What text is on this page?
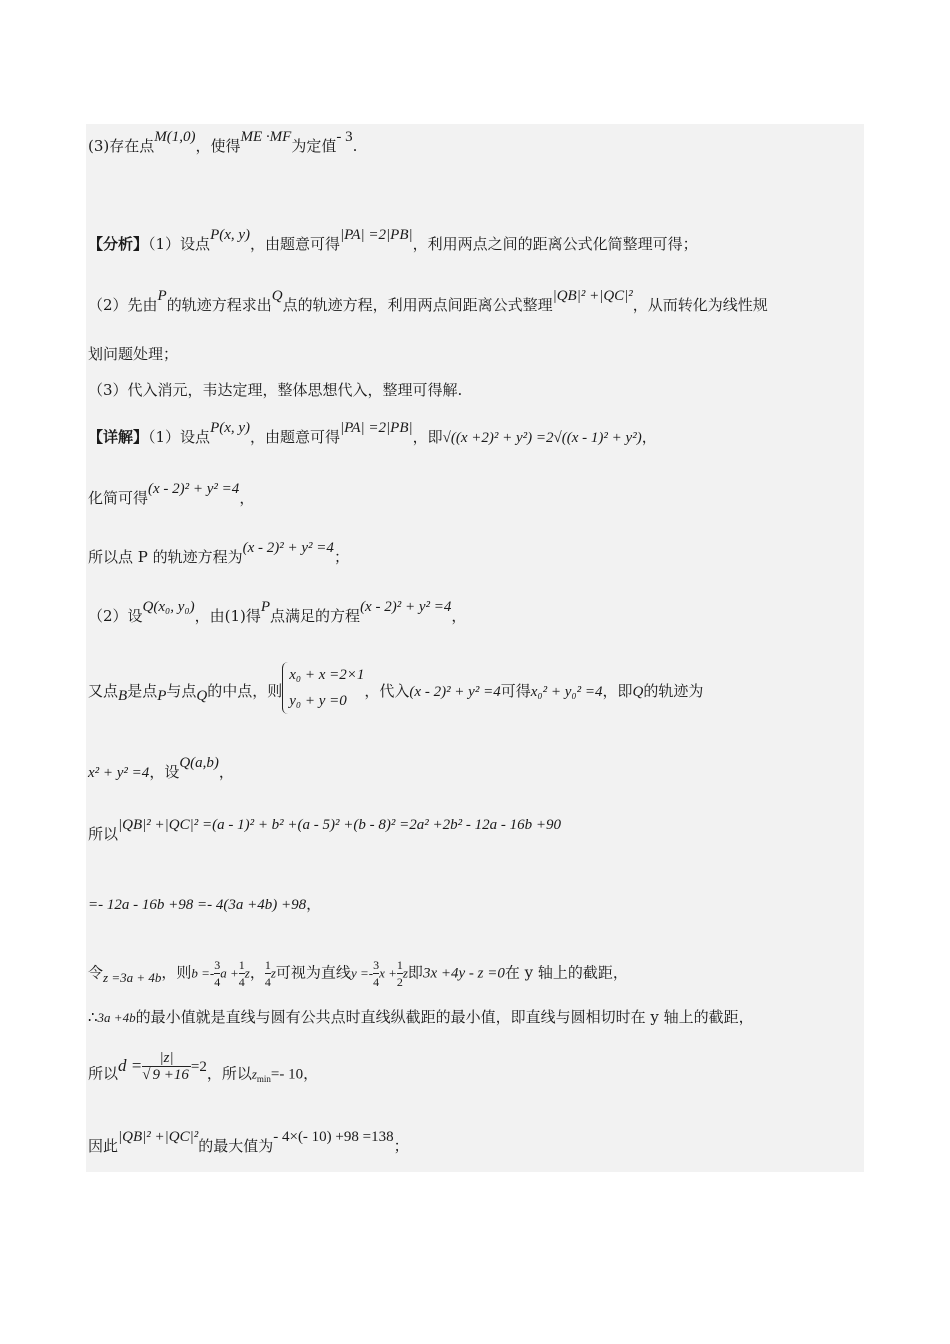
(3)存在点M(1,0)，使得ME ·MF为定值- 3.
【分析】（1）设点P(x, y)，由题意可得|PA| =2|PB|，利用两点之间的距离公式化简整理可得；
（2）先由P的轨迹方程求出Q点的轨迹方程，利用两点间距离公式整理|QB|² +|QC|²，从而转化为线性规
划问题处理；
（3）代入消元，韦达定理，整体思想代入，整理可得解.
【详解】（1）设点P(x, y)，由题意可得|PA| =2|PB|，即√((x +2)² + y²) =2√((x - 1)² + y²)，
化简可得(x - 2)² + y² =4，
所以点 P 的轨迹方程为(x - 2)² + y² =4；
（2）设Q(x₀, y₀)，由(1)得P点满足的方程(x - 2)² + y² =4，
又点B是点P与点Q的中点，则
x₀ + x =2×1
y₀ + y =0
，代入(x - 2)² + y² =4可得x₀² + y₀² =4，即Q的轨迹为
x² + y² =4，设Q(a,b)，
所以|QB|² +|QC|² =(a - 1)² + b² +(a - 5)² +(b - 8)² =2a² +2b² - 12a - 16b +90
=- 12a - 16b +98 =- 4(3a +4b) +98，
令z =3a + 4b，则$b =- \frac{3}{4}$ $a + \frac{1}{4}$ z， $\frac{1}{4}$ z可视为直线$y =- \frac{3}{4}$ $x + \frac{1}{2}$ z即3x +4y - z =0在 y 轴上的截距，
∴3a +4b的最小值就是直线与圆有公共点时直线纵截距的最小值，即直线与圆相切时在 y 轴上的截距，
所以$d = \frac{|z|}{√ 9 +16} =2$，所以$z_{min}=-$ 10，
因此|QB|² +|QC|²的最大值为- 4×(- 10) +98 =138；
